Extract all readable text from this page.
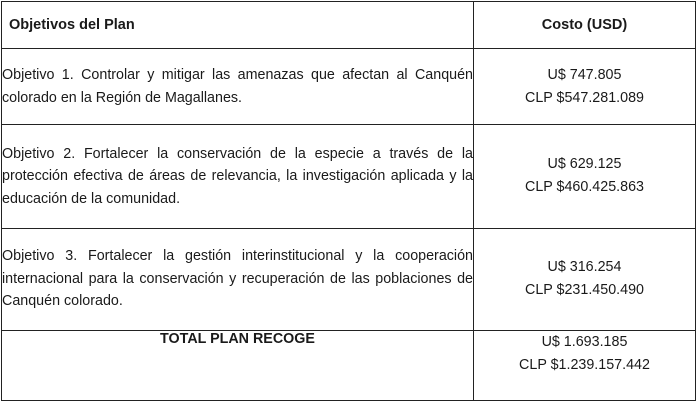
Objetivos del Plan	Costo (USD)
Objetivo 1. Controlar y mitigar las amenazas que afectan al Canquén colorado en la Región de Magallanes.	U$ 747.805
CLP $547.281.089

Objetivo 2. Fortalecer la conservación de la especie a través de la protección efectiva de áreas de relevancia, la investigación aplicada y la educación de la comunidad.	U$ 629.125
CLP $460.425.863

Objetivo 3. Fortalecer la gestión interinstitucional y la cooperación internacional para la conservación y recuperación de las poblaciones de Canquén colorado.	U$ 316.254
CLP $231.450.490

TOTAL PLAN RECOGE	U$ 1.693.185
CLP $1.239.157.442
